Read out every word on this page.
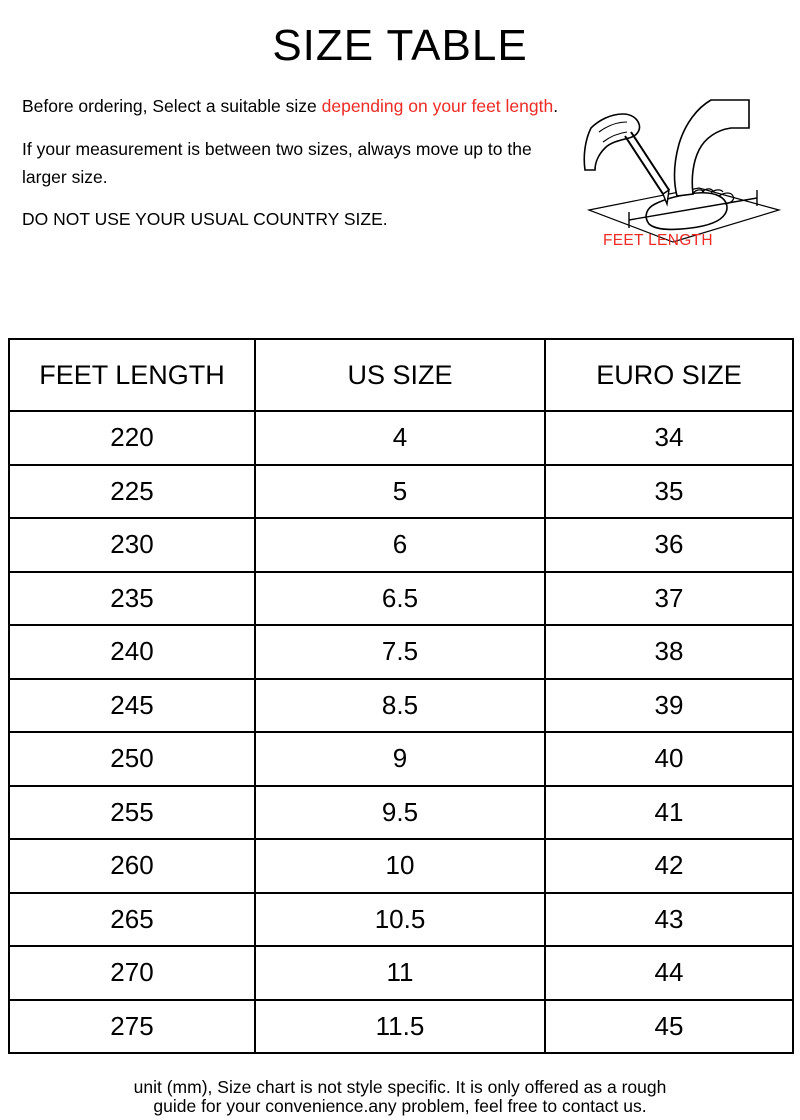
SIZE TABLE

Before ordering, Select a suitable size depending on your feet length.

If your measurement is between two sizes, always move up to the larger size.

DO NOT USE YOUR USUAL COUNTRY SIZE.

FEET LENGTH
FEET LENGTH	US SIZE	EURO SIZE
220	4	34
225	5	35
230	6	36
235	6.5	37
240	7.5	38
245	8.5	39
250	9	40
255	9.5	41
260	10	42
265	10.5	43
270	11	44
275	11.5	45
unit (mm), Size chart is not style specific. It is only offered as a rough
guide for your convenience.any problem, feel free to contact us.
